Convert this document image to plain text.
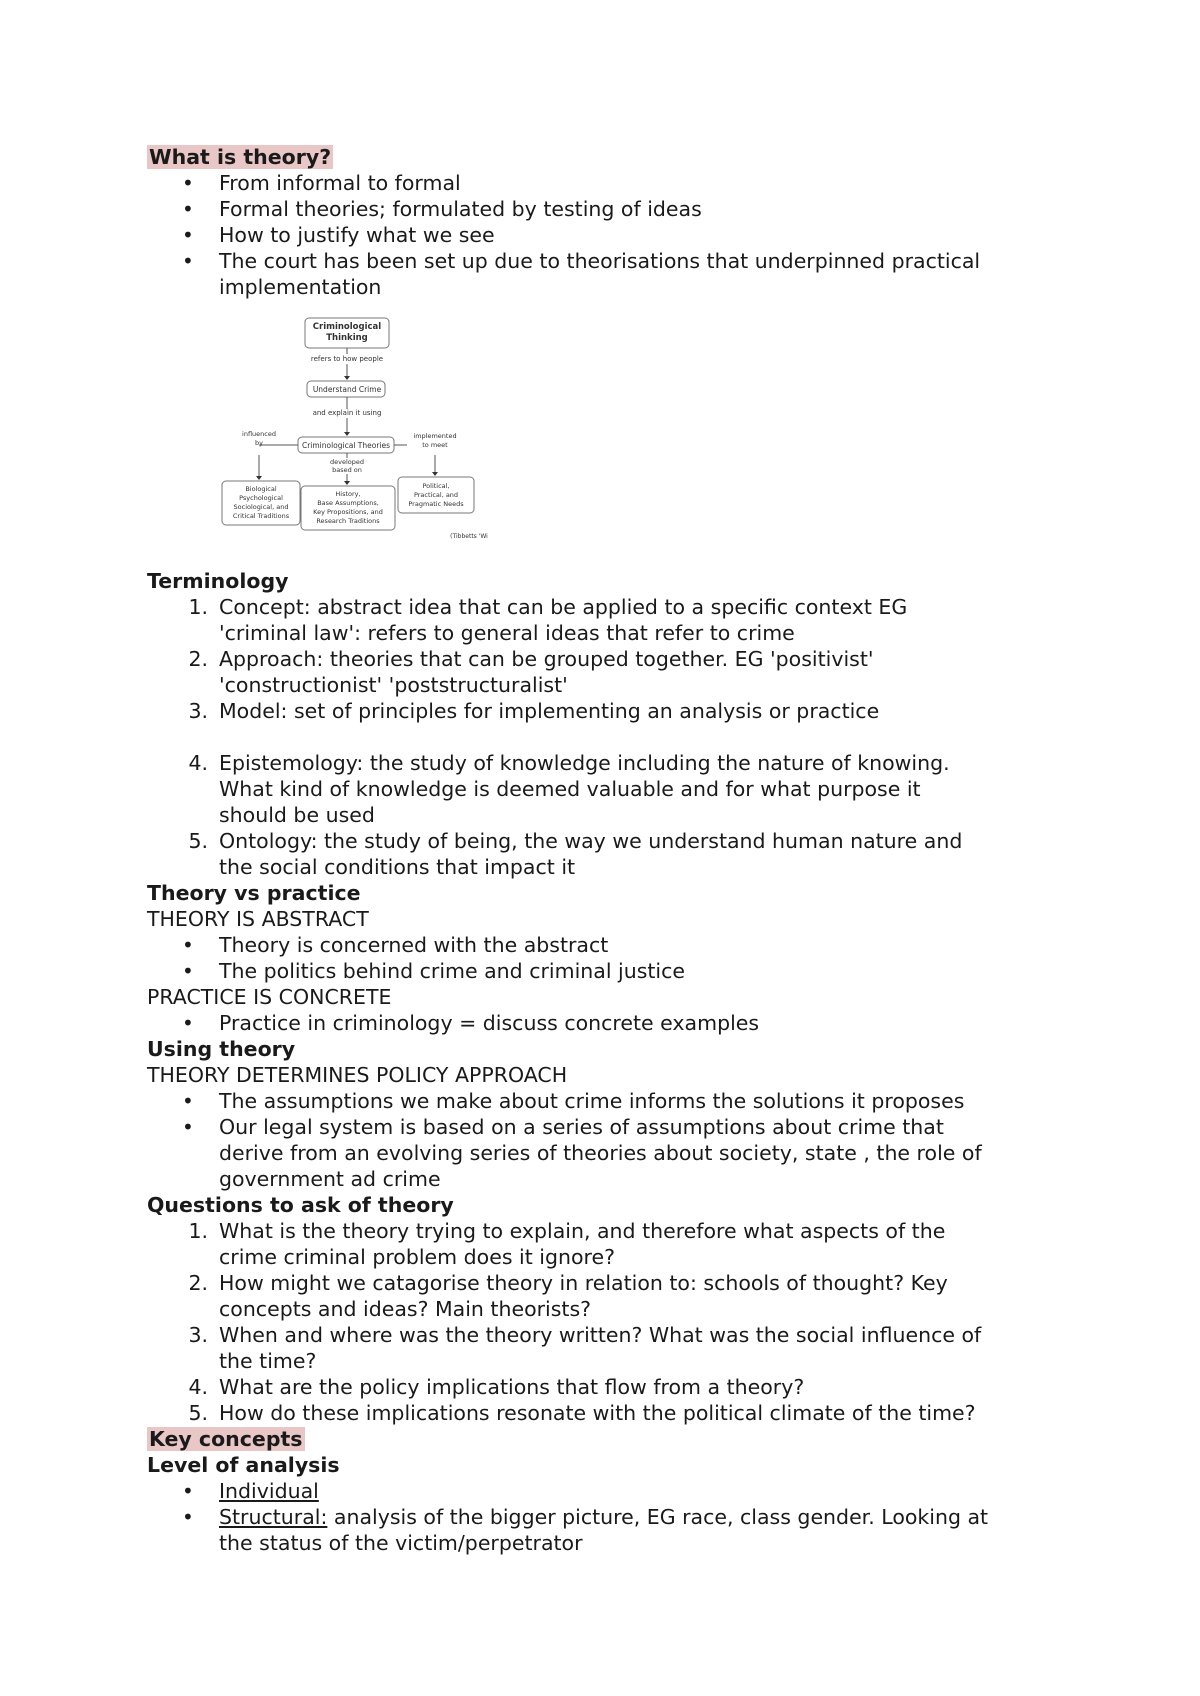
What is theory?

• From informal to formal
• Formal theories; formulated by testing of ideas
• How to justify what we see
• The court has been set up due to theorisations that underpinned practical implementation
Criminological
Thinking
refers to how people
Understand Crime
and explain it using
Criminological Theories
influenced
by
implemented
to meet
developed
based on
Biological
Psychological
Sociological, and
Critical Traditions
History,
Base Assumptions,
Key Propositions, and
Research Traditions
Political,
Practical, and
Pragmatic Needs
(Tibbetts 'Wi

Terminology

1. Concept: abstract idea that can be applied to a specific context EG
'criminal law': refers to general ideas that refer to crime
2. Approach: theories that can be grouped together. EG 'positivist'
'constructionist' 'poststructuralist'
3. Model: set of principles for implementing an analysis or practice
4. Epistemology: the study of knowledge including the nature of knowing.
What kind of knowledge is deemed valuable and for what purpose it
should be used
5. Ontology: the study of being, the way we understand human nature and
the social conditions that impact it

Theory vs practice

THEORY IS ABSTRACT

• Theory is concerned with the abstract
• The politics behind crime and criminal justice

PRACTICE IS CONCRETE

• Practice in criminology = discuss concrete examples

Using theory

THEORY DETERMINES POLICY APPROACH

• The assumptions we make about crime informs the solutions it proposes
• Our legal system is based on a series of assumptions about crime that
derive from an evolving series of theories about society, state , the role of
government ad crime

Questions to ask of theory

1. What is the theory trying to explain, and therefore what aspects of the
crime criminal problem does it ignore?
2. How might we catagorise theory in relation to: schools of thought? Key
concepts and ideas? Main theorists?
3. When and where was the theory written? What was the social influence of
the time?
4. What are the policy implications that flow from a theory?
5. How do these implications resonate with the political climate of the time?

Key concepts

Level of analysis

• Individual
• Structural: analysis of the bigger picture, EG race, class gender. Looking at
the status of the victim/perpetrator
